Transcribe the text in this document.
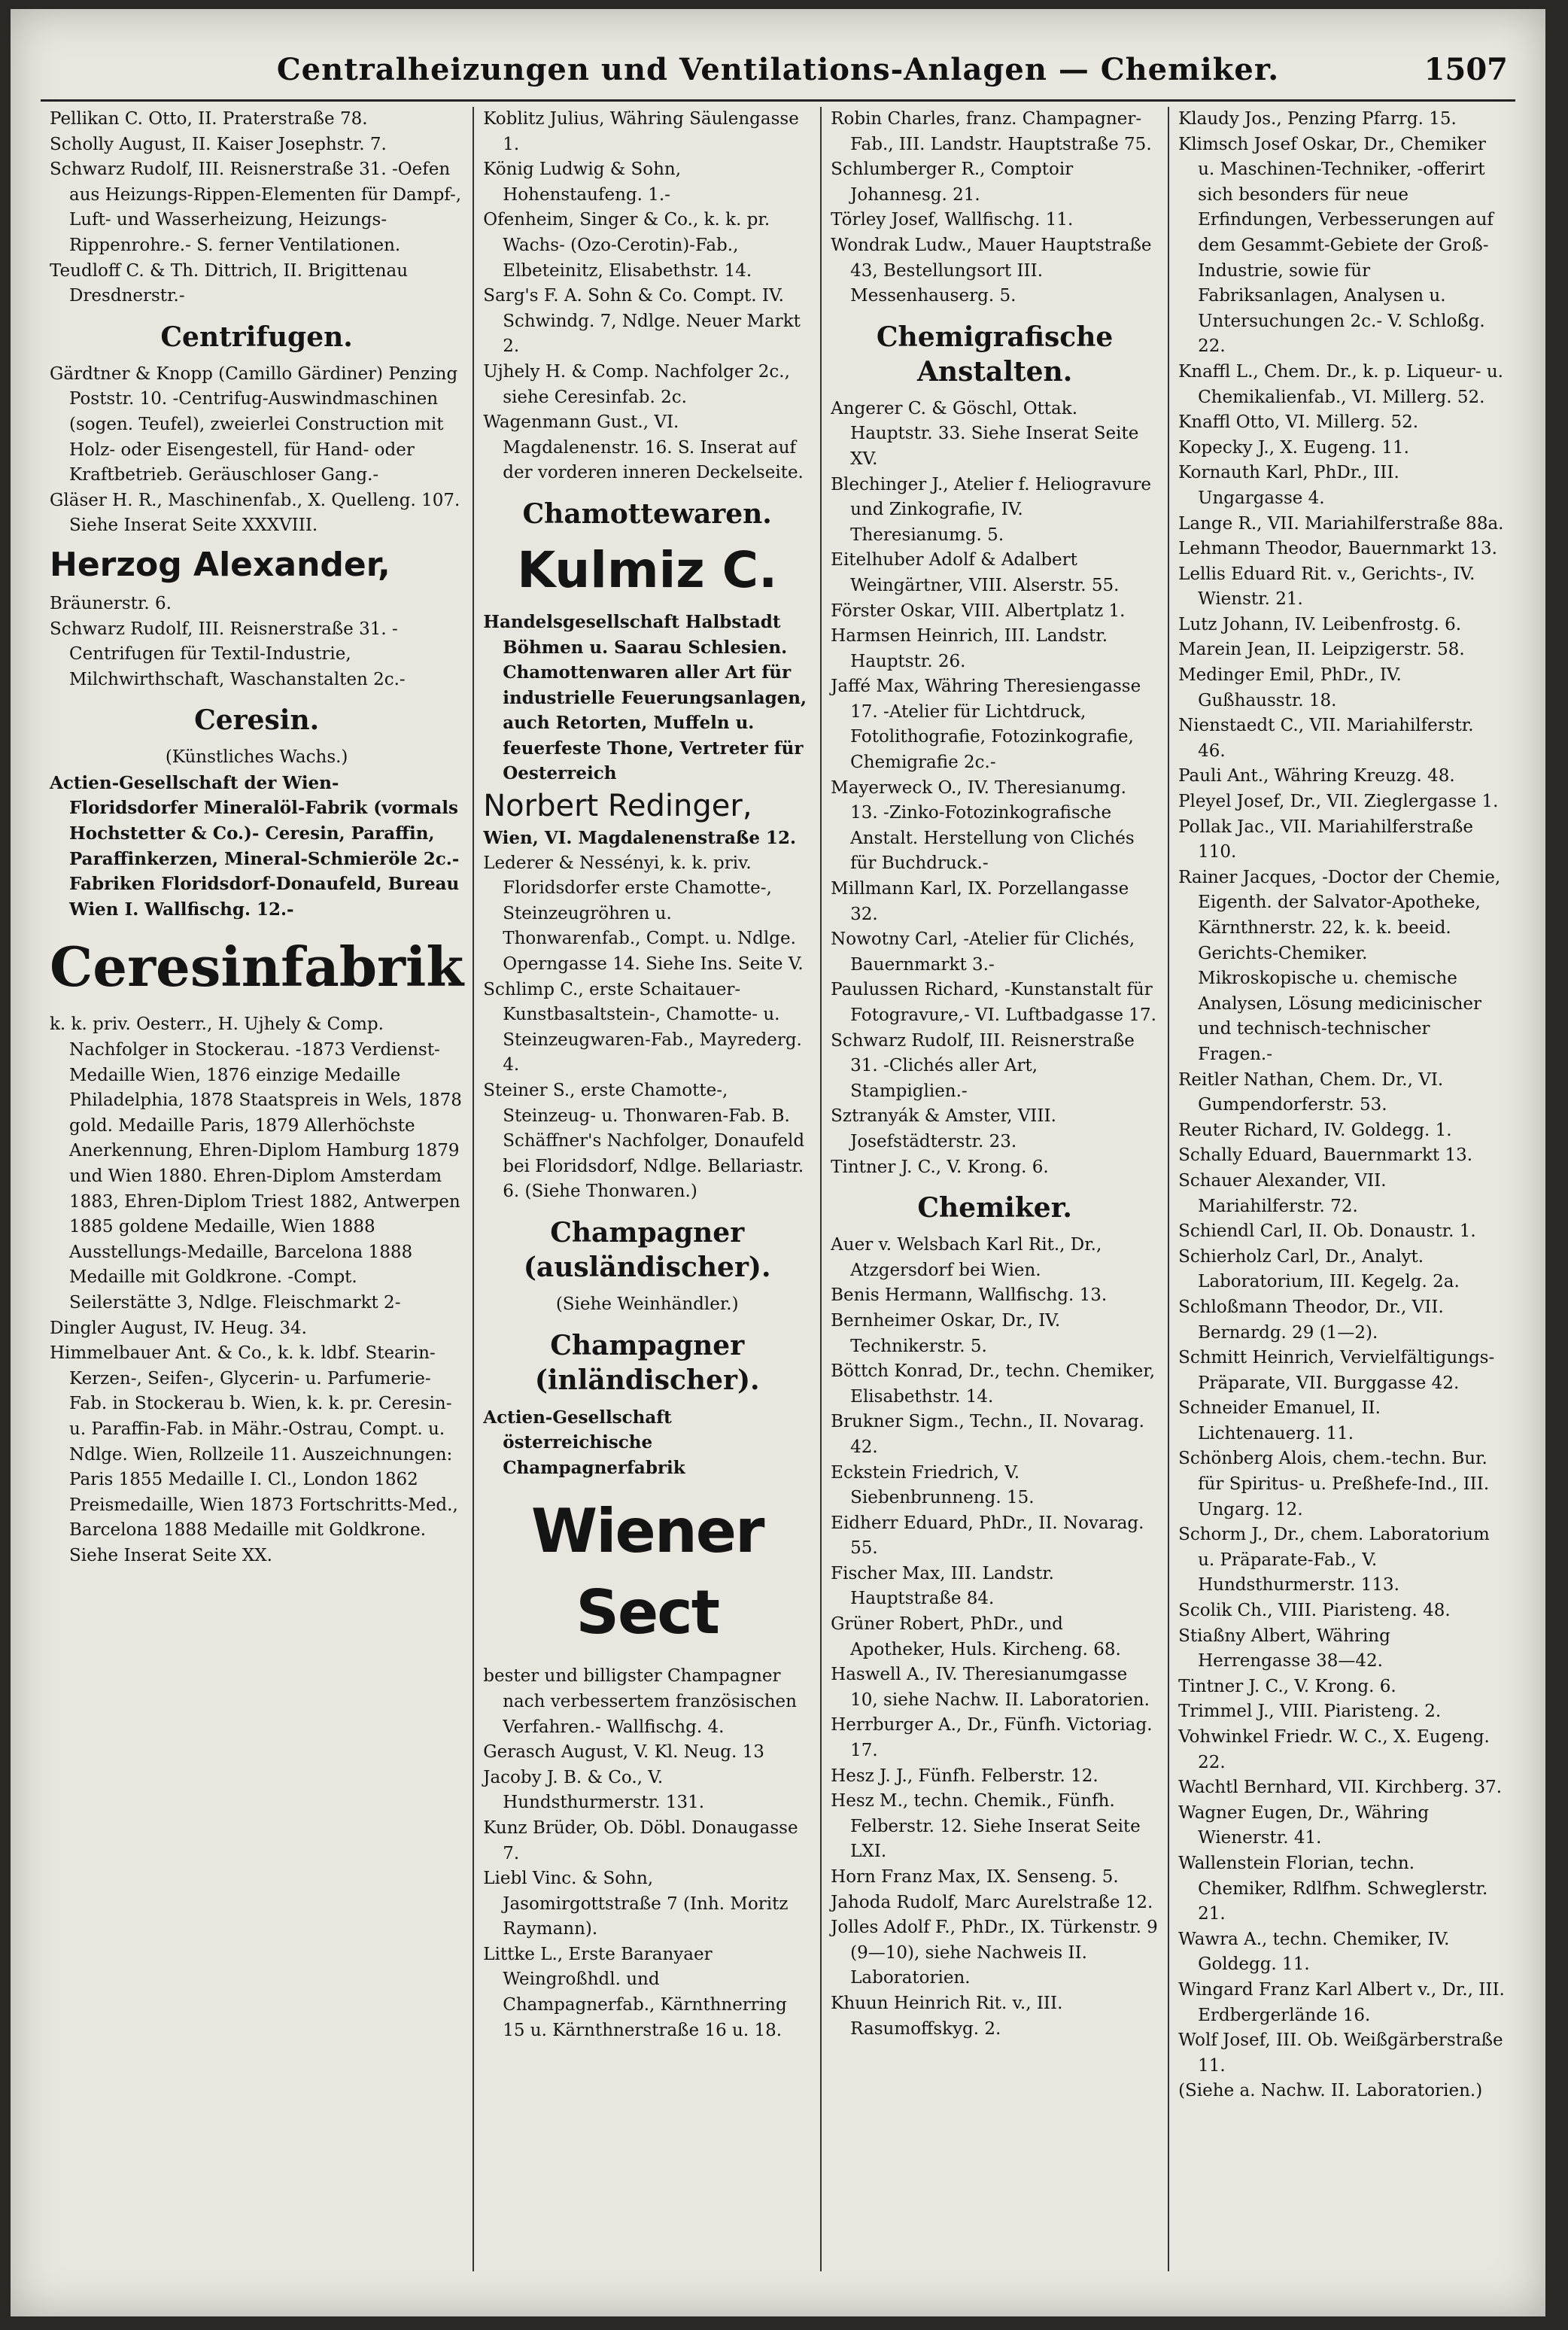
Centralheizungen und Ventilations-Anlagen — Chemiker.	1507
Pellikan C. Otto, II. Praterstraße 78.
Scholly August, II. Kaiser Josephstr. 7.
Schwarz Rudolf, III. Reisnerstraße 31. -Oefen aus Heizungs-Rippen-Elementen für Dampf-, Luft- und Wasserheizung, Heizungs-Rippenrohre.- S. ferner Ventilationen.
Teudloff C. & Th. Dittrich, II. Brigittenau Dresdnerstr.-
Centrifugen.
Gärdtner & Knopp (Camillo Gärdiner) Penzing Poststr. 10. -Centrifug-Auswindmaschinen (sogen. Teufel), zweierlei Construction mit Holz- oder Eisengestell, für Hand- oder Kraftbetrieb. Geräuschloser Gang.-
Gläser H. R., Maschinenfab., X. Quelleng. 107. Siehe Inserat Seite XXXVIII.
Herzog Alexander,
Bräunerstr. 6.
Schwarz Rudolf, III. Reisnerstraße 31. -Centrifugen für Textil-Industrie, Milchwirthschaft, Waschanstalten 2c.-
Ceresin.
(Künstliches Wachs.)
Actien-Gesellschaft der Wien-Floridsdorfer Mineralöl-Fabrik (vormals Hochstetter & Co.)- Ceresin, Paraffin, Paraffinkerzen, Mineral-Schmieröle 2c.- Fabriken Floridsdorf-Donaufeld, Bureau Wien I. Wallfischg. 12.-
Ceresinfabrik
k. k. priv. Oesterr., H. Ujhely & Comp. Nachfolger in Stockerau. -1873 Verdienst-Medaille Wien, 1876 einzige Medaille Philadelphia, 1878 Staatspreis in Wels, 1878 gold. Medaille Paris, 1879 Allerhöchste Anerkennung, Ehren-Diplom Hamburg 1879 und Wien 1880. Ehren-Diplom Amsterdam 1883, Ehren-Diplom Triest 1882, Antwerpen 1885 goldene Medaille, Wien 1888 Ausstellungs-Medaille, Barcelona 1888 Medaille mit Goldkrone. -Compt. Seilerstätte 3, Ndlge. Fleischmarkt 2-
Dingler August, IV. Heug. 34.
Himmelbauer Ant. & Co., k. k. ldbf. Stearin-Kerzen-, Seifen-, Glycerin- u. Parfumerie-Fab. in Stockerau b. Wien, k. k. pr. Ceresin- u. Paraffin-Fab. in Mähr.-Ostrau, Compt. u. Ndlge. Wien, Rollzeile 11. Auszeichnungen: Paris 1855 Medaille I. Cl., London 1862 Preismedaille, Wien 1873 Fortschritts-Med., Barcelona 1888 Medaille mit Goldkrone. Siehe Inserat Seite XX.
Koblitz Julius, Währing Säulengasse 1.
König Ludwig & Sohn, Hohenstaufeng. 1.-
Ofenheim, Singer & Co., k. k. pr. Wachs- (Ozo-Cerotin)-Fab., Elbeteinitz, Elisabethstr. 14.
Sarg's F. A. Sohn & Co. Compt. IV. Schwindg. 7, Ndlge. Neuer Markt 2.
Ujhely H. & Comp. Nachfolger 2c., siehe Ceresinfab. 2c.
Wagenmann Gust., VI. Magdalenenstr. 16. S. Inserat auf der vorderen inneren Deckelseite.
Chamottewaren.
Kulmiz C.
Handelsgesellschaft Halbstadt Böhmen u. Saarau Schlesien. Chamottenwaren aller Art für industrielle Feuerungsanlagen, auch Retorten, Muffeln u. feuerfeste Thone, Vertreter für Oesterreich
Norbert Redinger,
Wien, VI. Magdalenenstraße 12.
Lederer & Nessényi, k. k. priv. Floridsdorfer erste Chamotte-, Steinzeugröhren u. Thonwarenfab., Compt. u. Ndlge. Operngasse 14. Siehe Ins. Seite V.
Schlimp C., erste Schaitauer-Kunstbasaltstein-, Chamotte- u. Steinzeugwaren-Fab., Mayrederg. 4.
Steiner S., erste Chamotte-, Steinzeug- u. Thonwaren-Fab. B. Schäffner's Nachfolger, Donaufeld bei Floridsdorf, Ndlge. Bellariastr. 6. (Siehe Thonwaren.)
Champagner (ausländischer).
(Siehe Weinhändler.)
Champagner (inländischer).
Actien-Gesellschaft österreichische Champagnerfabrik
Wiener Sect
bester und billigster Champagner nach verbessertem französischen Verfahren.- Wallfischg. 4.
Gerasch August, V. Kl. Neug. 13
Jacoby J. B. & Co., V. Hundsthurmerstr. 131.
Kunz Brüder, Ob. Döbl. Donaugasse 7.
Liebl Vinc. & Sohn, Jasomirgottstraße 7 (Inh. Moritz Raymann).
Littke L., Erste Baranyaer Weingroßhdl. und Champagnerfab., Kärnthnerring 15 u. Kärnthnerstraße 16 u. 18.
Robin Charles, franz. Champagner-Fab., III. Landstr. Hauptstraße 75.
Schlumberger R., Comptoir Johannesg. 21.
Törley Josef, Wallfischg. 11.
Wondrak Ludw., Mauer Hauptstraße 43, Bestellungsort III. Messenhauserg. 5.
Chemigrafische Anstalten.
Angerer C. & Göschl, Ottak. Hauptstr. 33. Siehe Inserat Seite XV.
Blechinger J., Atelier f. Heliogravure und Zinkografie, IV. Theresianumg. 5.
Eitelhuber Adolf & Adalbert Weingärtner, VIII. Alserstr. 55.
Förster Oskar, VIII. Albertplatz 1.
Harmsen Heinrich, III. Landstr. Hauptstr. 26.
Jaffé Max, Währing Theresiengasse 17. -Atelier für Lichtdruck, Fotolithografie, Fotozinkografie, Chemigrafie 2c.-
Mayerweck O., IV. Theresianumg. 13. -Zinko-Fotozinkografische Anstalt. Herstellung von Clichés für Buchdruck.-
Millmann Karl, IX. Porzellangasse 32.
Nowotny Carl, -Atelier für Clichés, Bauernmarkt 3.-
Paulussen Richard, -Kunstanstalt für Fotogravure,- VI. Luftbadgasse 17.
Schwarz Rudolf, III. Reisnerstraße 31. -Clichés aller Art, Stampiglien.-
Sztranyák & Amster, VIII. Josefstädterstr. 23.
Tintner J. C., V. Krong. 6.
Chemiker.
Auer v. Welsbach Karl Rit., Dr., Atzgersdorf bei Wien.
Benis Hermann, Wallfischg. 13.
Bernheimer Oskar, Dr., IV. Technikerstr. 5.
Böttch Konrad, Dr., techn. Chemiker, Elisabethstr. 14.
Brukner Sigm., Techn., II. Novarag. 42.
Eckstein Friedrich, V. Siebenbrunneng. 15.
Eidherr Eduard, PhDr., II. Novarag. 55.
Fischer Max, III. Landstr. Hauptstraße 84.
Grüner Robert, PhDr., und Apotheker, Huls. Kircheng. 68.
Haswell A., IV. Theresianumgasse 10, siehe Nachw. II. Laboratorien.
Herrburger A., Dr., Fünfh. Victoriag. 17.
Hesz J. J., Fünfh. Felberstr. 12.
Hesz M., techn. Chemik., Fünfh. Felberstr. 12. Siehe Inserat Seite LXI.
Horn Franz Max, IX. Senseng. 5.
Jahoda Rudolf, Marc Aurelstraße 12.
Jolles Adolf F., PhDr., IX. Türkenstr. 9 (9—10), siehe Nachweis II. Laboratorien.
Khuun Heinrich Rit. v., III. Rasumoffskyg. 2.
Klaudy Jos., Penzing Pfarrg. 15.
Klimsch Josef Oskar, Dr., Chemiker u. Maschinen-Techniker, -offerirt sich besonders für neue Erfindungen, Verbesserungen auf dem Gesammt-Gebiete der Groß-Industrie, sowie für Fabriksanlagen, Analysen u. Untersuchungen 2c.- V. Schloßg. 22.
Knaffl L., Chem. Dr., k. p. Liqueur- u. Chemikalienfab., VI. Millerg. 52.
Knaffl Otto, VI. Millerg. 52.
Kopecky J., X. Eugeng. 11.
Kornauth Karl, PhDr., III. Ungargasse 4.
Lange R., VII. Mariahilferstraße 88a.
Lehmann Theodor, Bauernmarkt 13.
Lellis Eduard Rit. v., Gerichts-, IV. Wienstr. 21.
Lutz Johann, IV. Leibenfrostg. 6.
Marein Jean, II. Leipzigerstr. 58.
Medinger Emil, PhDr., IV. Gußhausstr. 18.
Nienstaedt C., VII. Mariahilferstr. 46.
Pauli Ant., Währing Kreuzg. 48.
Pleyel Josef, Dr., VII. Zieglergasse 1.
Pollak Jac., VII. Mariahilferstraße 110.
Rainer Jacques, -Doctor der Chemie, Eigenth. der Salvator-Apotheke, Kärnthnerstr. 22, k. k. beeid. Gerichts-Chemiker. Mikroskopische u. chemische Analysen, Lösung medicinischer und technisch-technischer Fragen.-
Reitler Nathan, Chem. Dr., VI. Gumpendorferstr. 53.
Reuter Richard, IV. Goldegg. 1.
Schally Eduard, Bauernmarkt 13.
Schauer Alexander, VII. Mariahilferstr. 72.
Schiendl Carl, II. Ob. Donaustr. 1.
Schierholz Carl, Dr., Analyt. Laboratorium, III. Kegelg. 2a.
Schloßmann Theodor, Dr., VII. Bernardg. 29 (1—2).
Schmitt Heinrich, Vervielfältigungs-Präparate, VII. Burggasse 42.
Schneider Emanuel, II. Lichtenauerg. 11.
Schönberg Alois, chem.-techn. Bur. für Spiritus- u. Preßhefe-Ind., III. Ungarg. 12.
Schorm J., Dr., chem. Laboratorium u. Präparate-Fab., V. Hundsthurmerstr. 113.
Scolik Ch., VIII. Piaristeng. 48.
Stiaßny Albert, Währing Herrengasse 38—42.
Tintner J. C., V. Krong. 6.
Trimmel J., VIII. Piaristeng. 2.
Vohwinkel Friedr. W. C., X. Eugeng. 22.
Wachtl Bernhard, VII. Kirchberg. 37.
Wagner Eugen, Dr., Währing Wienerstr. 41.
Wallenstein Florian, techn. Chemiker, Rdlfhm. Schweglerstr. 21.
Wawra A., techn. Chemiker, IV. Goldegg. 11.
Wingard Franz Karl Albert v., Dr., III. Erdbergerlände 16.
Wolf Josef, III. Ob. Weißgärberstraße 11.
(Siehe a. Nachw. II. Laboratorien.)
